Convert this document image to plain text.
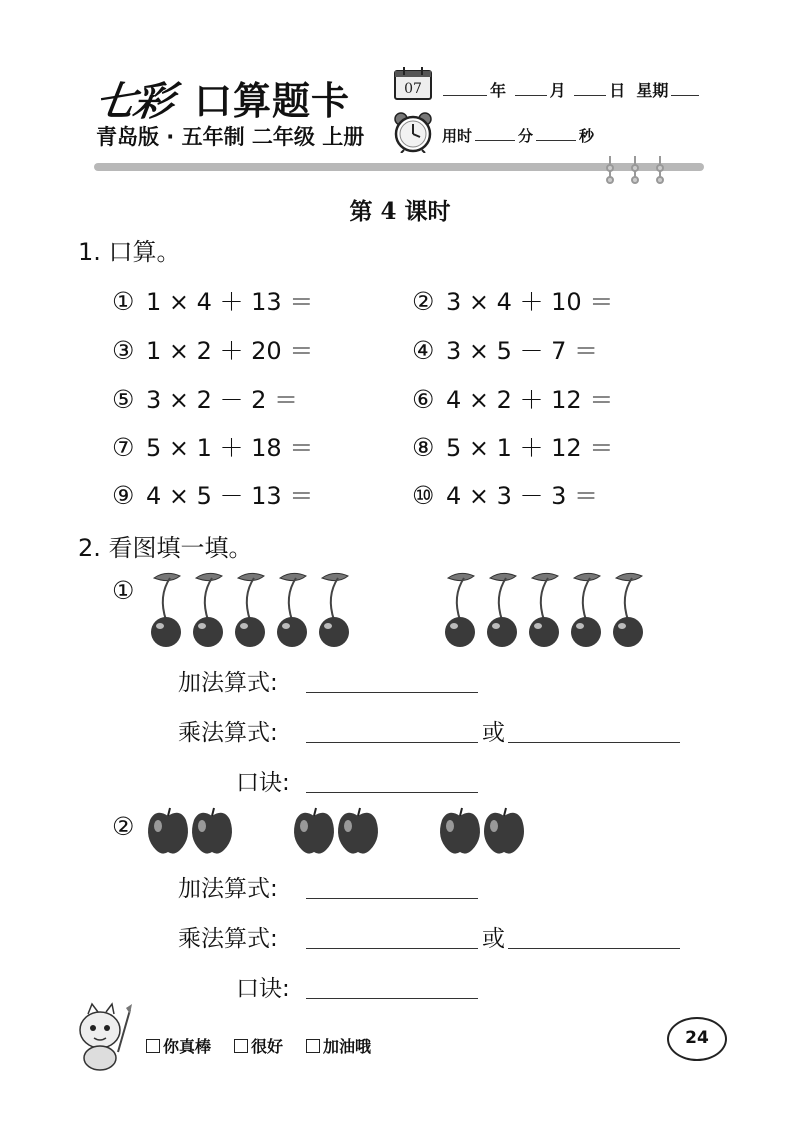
七彩 口算题卡
青岛版 · 五年制 二年级 上册
07	年	月	日 星期
用时	分	秒
第 4 课时
1. 口算。
① 1 × 4 ＋ 13 ＝	② 3 × 4 ＋ 10 ＝
③ 1 × 2 ＋ 20 ＝	④ 3 × 5 － 7 ＝
⑤ 3 × 2 － 2 ＝	⑥ 4 × 2 ＋ 12 ＝
⑦ 5 × 1 ＋ 18 ＝	⑧ 5 × 1 ＋ 12 ＝
⑨ 4 × 5 － 13 ＝	⑩ 4 × 3 － 3 ＝
2. 看图填一填。
①
加法算式:
乘法算式:	或
口诀:
②
加法算式:
乘法算式:	或
口诀:
你真棒	很好	加油哦	24
